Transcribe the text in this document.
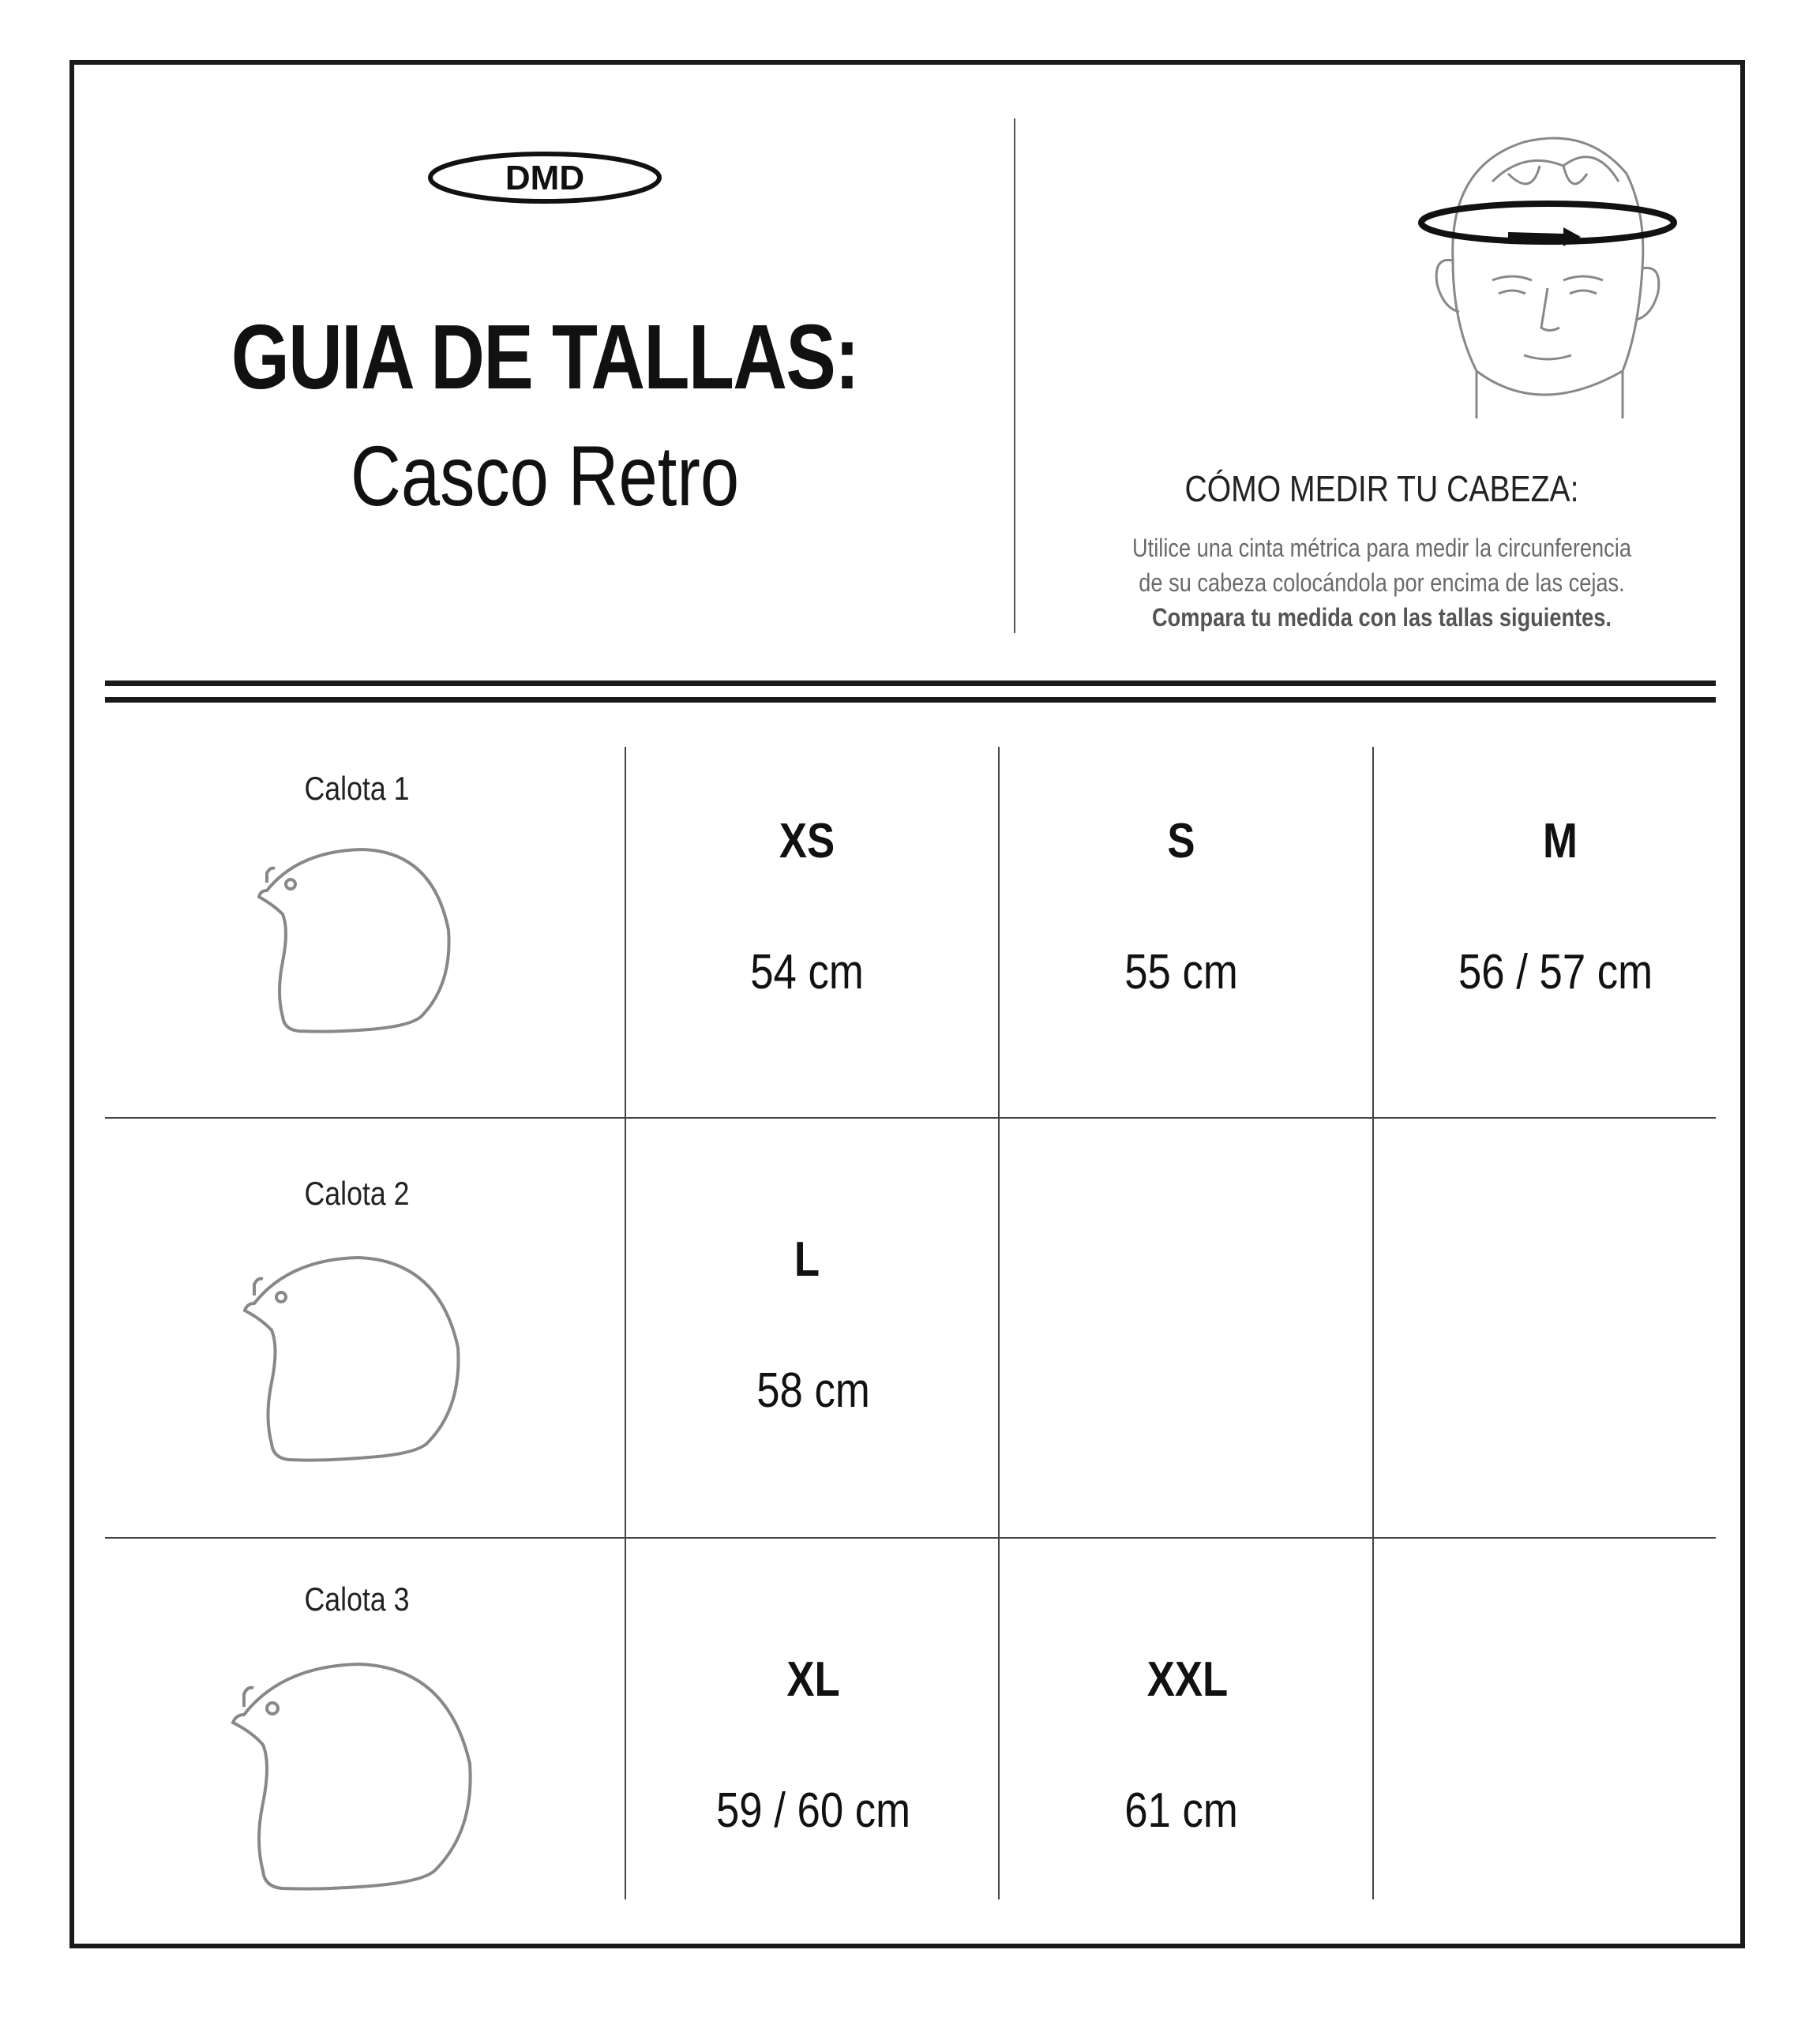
DMD
GUIA DE TALLAS:
Casco Retro	CÓMO MEDIR TU CABEZA:
Utilice una cinta métrica para medir la circunferencia
de su cabeza colocándola por encima de las cejas.
Compara tu medida con las tallas siguientes.
Calota 1
XS
54 cm
S
55 cm
M
56 / 57 cm
Calota 2
L
58 cm
Calota 3
XL
59 / 60 cm
XXL
61 cm
